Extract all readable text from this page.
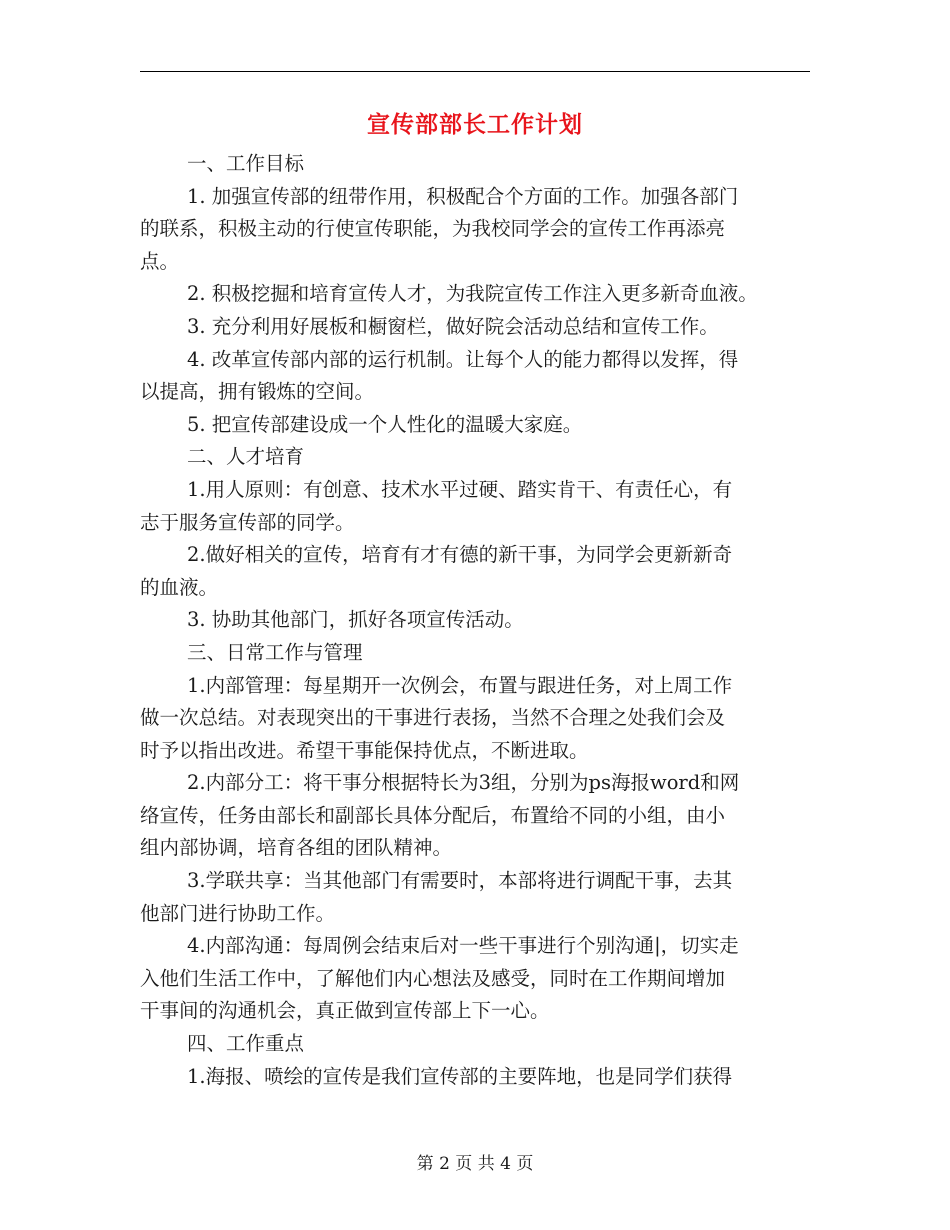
宣传部部长工作计划
一、工作目标
1. 加强宣传部的纽带作用，积极配合个方面的工作。加强各部门
的联系，积极主动的行使宣传职能，为我校同学会的宣传工作再添亮
点。
2. 积极挖掘和培育宣传人才，为我院宣传工作注入更多新奇血液。
3. 充分利用好展板和橱窗栏，做好院会活动总结和宣传工作。
4. 改革宣传部内部的运行机制。让每个人的能力都得以发挥，得
以提高，拥有锻炼的空间。
5. 把宣传部建设成一个人性化的温暖大家庭。
二、人才培育
1.用人原则：有创意、技术水平过硬、踏实肯干、有责任心，有
志于服务宣传部的同学。
2.做好相关的宣传，培育有才有德的新干事，为同学会更新新奇
的血液。
3. 协助其他部门，抓好各项宣传活动。
三、日常工作与管理
1.内部管理：每星期开一次例会，布置与跟进任务，对上周工作
做一次总结。对表现突出的干事进行表扬，当然不合理之处我们会及
时予以指出改进。希望干事能保持优点，不断进取。
2.内部分工：将干事分根据特长为3组，分别为ps海报word和网
络宣传，任务由部长和副部长具体分配后，布置给不同的小组，由小
组内部协调，培育各组的团队精神。
3.学联共享：当其他部门有需要时，本部将进行调配干事，去其
他部门进行协助工作。
4.内部沟通：每周例会结束后对一些干事进行个别沟通|，切实走
入他们生活工作中，了解他们内心想法及感受，同时在工作期间增加
干事间的沟通机会，真正做到宣传部上下一心。
四、工作重点
1.海报、喷绘的宣传是我们宣传部的主要阵地，也是同学们获得
第 2 页 共 4 页
